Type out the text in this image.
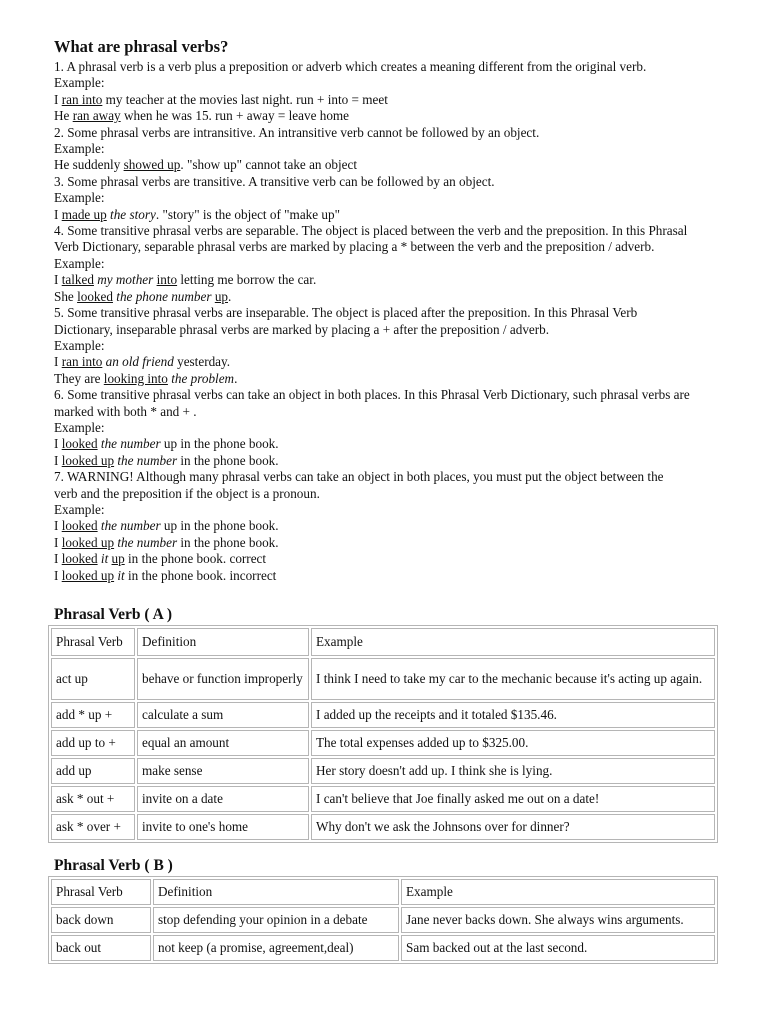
What are phrasal verbs?
1. A phrasal verb is a verb plus a preposition or adverb which creates a meaning different from the original verb.
Example:
I ran into my teacher at the movies last night. run + into = meet
He ran away when he was 15. run + away = leave home
2. Some phrasal verbs are intransitive. An intransitive verb cannot be followed by an object.
Example:
He suddenly showed up. "show up" cannot take an object
3. Some phrasal verbs are transitive. A transitive verb can be followed by an object.
Example:
I made up the story. "story" is the object of "make up"
4. Some transitive phrasal verbs are separable. The object is placed between the verb and the preposition. In this Phrasal
Verb Dictionary, separable phrasal verbs are marked by placing a * between the verb and the preposition / adverb.
Example:
I talked my mother into letting me borrow the car.
She looked the phone number up.
5. Some transitive phrasal verbs are inseparable. The object is placed after the preposition. In this Phrasal Verb
Dictionary, inseparable phrasal verbs are marked by placing a + after the preposition / adverb.
Example:
I ran into an old friend yesterday.
They are looking into the problem.
6. Some transitive phrasal verbs can take an object in both places. In this Phrasal Verb Dictionary, such phrasal verbs are
marked with both * and + .
Example:
I looked the number up in the phone book.
I looked up the number in the phone book.
7. WARNING! Although many phrasal verbs can take an object in both places, you must put the object between the
verb and the preposition if the object is a pronoun.
Example:
I looked the number up in the phone book.
I looked up the number in the phone book.
I looked it up in the phone book. correct
I looked up it in the phone book. incorrect
Phrasal Verb ( A )
Phrasal Verb	Definition	Example
act up	behave or function improperly	I think I need to take my car to the mechanic because it's acting up again.
add * up +	calculate a sum	I added up the receipts and it totaled $135.46.
add up to +	equal an amount	The total expenses added up to $325.00.
add up	make sense	Her story doesn't add up. I think she is lying.
ask * out +	invite on a date	I can't believe that Joe finally asked me out on a date!
ask * over +	invite to one's home	Why don't we ask the Johnsons over for dinner?
Phrasal Verb ( B )
Phrasal Verb	Definition	Example
back down	stop defending your opinion in a debate	Jane never backs down. She always wins arguments.
back out	not keep (a promise, agreement,deal)	Sam backed out at the last second.
